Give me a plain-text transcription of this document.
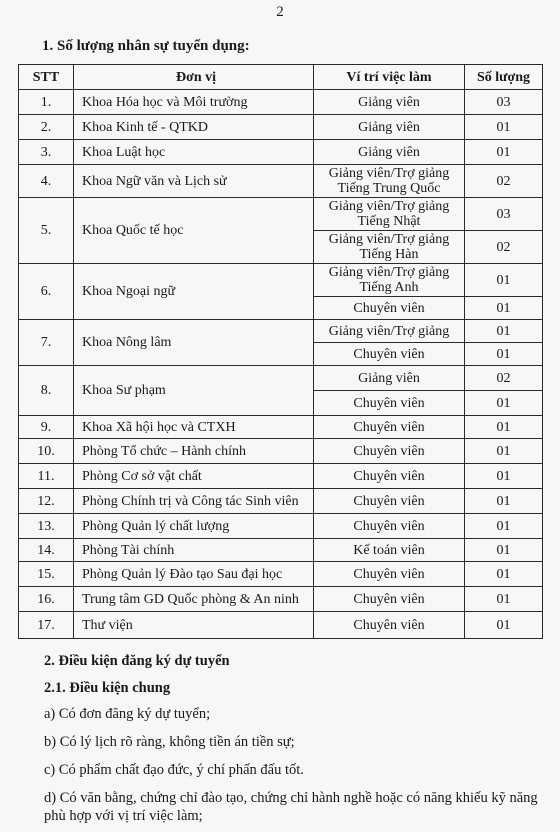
2
1. Số lượng nhân sự tuyển dụng:
STT	Đơn vị	Ví trí việc làm	Số lượng
1.	Khoa Hóa học và Môi trường	Giảng viên	03
2.	Khoa Kinh tế - QTKD	Giảng viên	01
3.	Khoa Luật học	Giảng viên	01
4.	Khoa Ngữ văn và Lịch sử	Giảng viên/Trợ giảng Tiếng Trung Quốc	02
5.	Khoa Quốc tế học	Giảng viên/Trợ giảng Tiếng Nhật	03
		Giảng viên/Trợ giảng Tiếng Hàn	02
6.	Khoa Ngoại ngữ	Giảng viên/Trợ giảng Tiếng Anh	01
		Chuyên viên	01
7.	Khoa Nông lâm	Giảng viên/Trợ giảng	01
		Chuyên viên	01
8.	Khoa Sư phạm	Giảng viên	02
		Chuyên viên	01
9.	Khoa Xã hội học và CTXH	Chuyên viên	01
10.	Phòng Tổ chức – Hành chính	Chuyên viên	01
11.	Phòng Cơ sở vật chất	Chuyên viên	01
12.	Phòng Chính trị và Công tác Sinh viên	Chuyên viên	01
13.	Phòng Quản lý chất lượng	Chuyên viên	01
14.	Phòng Tài chính	Kế toán viên	01
15.	Phòng Quản lý Đào tạo Sau đại học	Chuyên viên	01
16.	Trung tâm GD Quốc phòng & An ninh	Chuyên viên	01
17.	Thư viện	Chuyên viên	01
2. Điều kiện đăng ký dự tuyển
2.1. Điều kiện chung
a) Có đơn đăng ký dự tuyển;
b) Có lý lịch rõ ràng, không tiền án tiền sự;
c) Có phẩm chất đạo đức, ý chí phấn đấu tốt.
d) Có văn bằng, chứng chỉ đào tạo, chứng chỉ hành nghề hoặc có năng khiếu kỹ năng phù hợp với vị trí việc làm;
